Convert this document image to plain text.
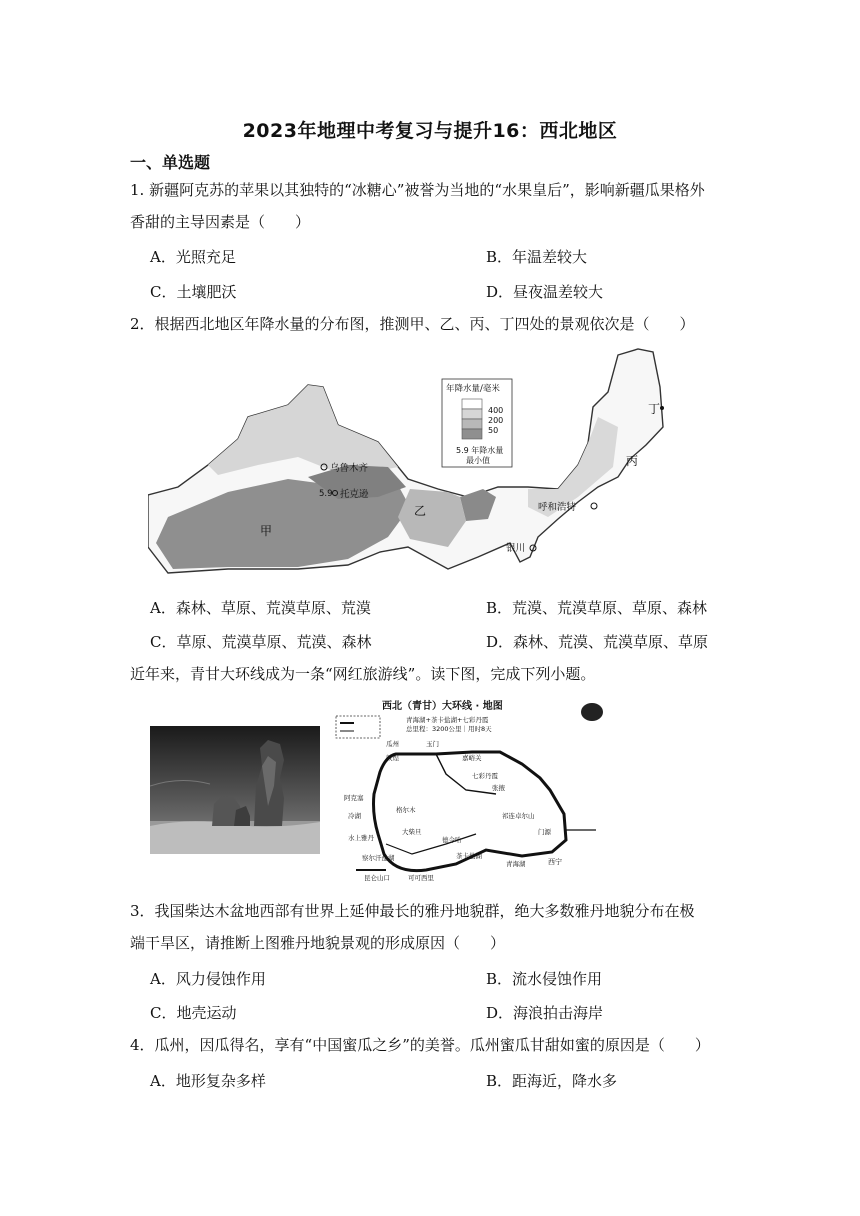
2023年地理中考复习与提升16：西北地区
一、单选题
1. 新疆阿克苏的苹果以其独特的“冰糖心”被誉为当地的“水果皇后”，影响新疆瓜果格外
香甜的主导因素是（　　）
A．光照充足	B．年温差较大
C．土壤肥沃	D．昼夜温差较大
2．根据西北地区年降水量的分布图，推测甲、乙、丙、丁四处的景观依次是（　　）
年降水量/毫米
400
200
50
5.9 年降水量
最小值
乌鲁木齐
5.9 托克逊
呼和浩特
银川
甲
乙
丙
丁
A．森林、草原、荒漠草原、荒漠	B．荒漠、荒漠草原、草原、森林
C．草原、荒漠草原、荒漠、森林	D．森林、荒漠、荒漠草原、草原
近年来，青甘大环线成为一条“网红旅游线”。读下图，完成下列小题。
西北（青甘）大环线 · 地图
青海湖+茶卡盐湖+七彩丹霞
总里程：3200公里｜用时8天
瓜州	玉门
敦煌	嘉峪关
阿克塞
七彩丹霞
张掖
祁连卓尔山
冷湖
门源
格尔木
大柴旦
德令哈
茶卡盐湖
青海湖	西宁
水上雅丹
察尔汗盐湖
昆仑山口	可可西里
3．我国柴达木盆地西部有世界上延伸最长的雅丹地貌群，绝大多数雅丹地貌分布在极
端干旱区，请推断上图雅丹地貌景观的形成原因（　　）
A．风力侵蚀作用	B．流水侵蚀作用
C．地壳运动	D．海浪拍击海岸
4．瓜州，因瓜得名，享有“中国蜜瓜之乡”的美誉。瓜州蜜瓜甘甜如蜜的原因是（　　）
A．地形复杂多样	B．距海近，降水多
